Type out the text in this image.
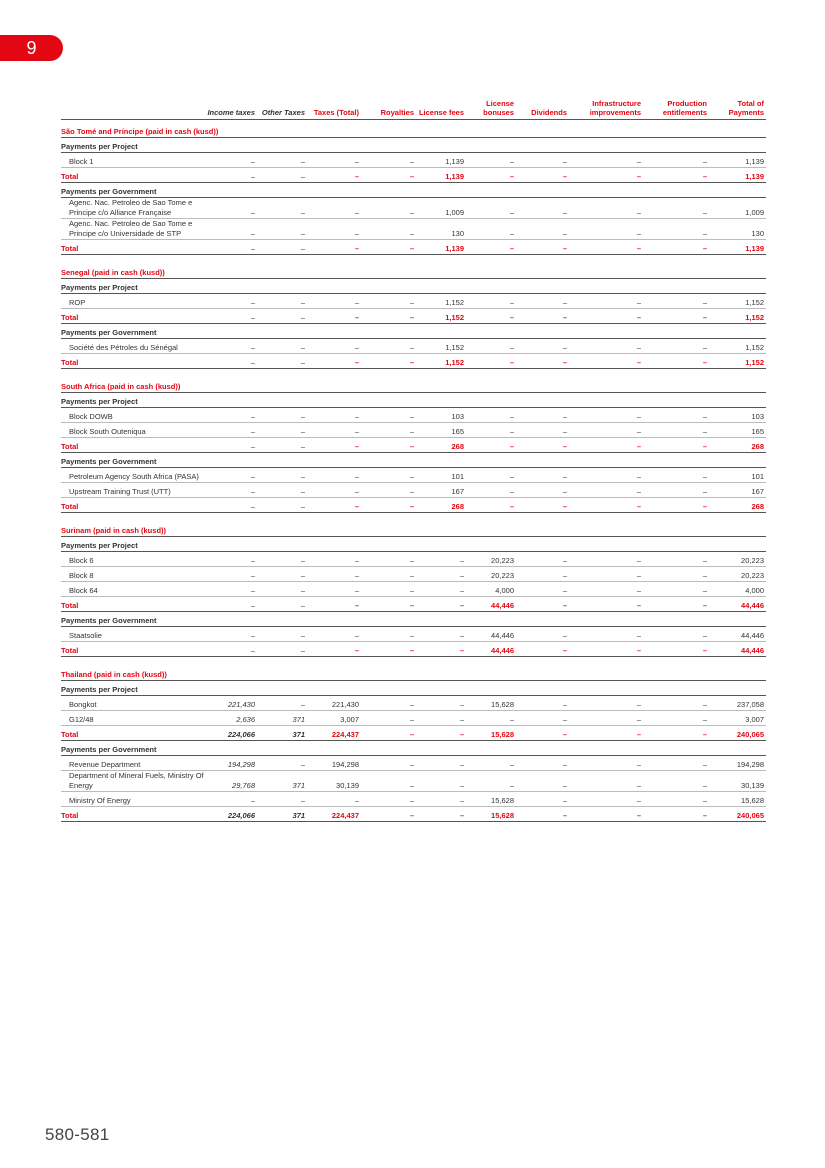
9
	Income taxes	Other Taxes	Taxes (Total)	Royalties	License fees	License bonuses	Dividends	Infrastructure improvements	Production entitlements	Total of Payments
São Tomé and Príncipe (paid in cash (kusd))										
Payments per Project										
Block 1	–	–	–	–	1,139	–	–	–	–	1,139
Total	–	–	–	–	1,139	–	–	–	–	1,139
Payments per Government										
Agenc. Nac. Petroleo de Sao Tome e Principe c/o Alliance Française	–	–	–	–	1,009	–	–	–	–	1,009
Agenc. Nac. Petroleo de Sao Tome e Principe c/o Universidade de STP	–	–	–	–	130	–	–	–	–	130
Total	–	–	–	–	1,139	–	–	–	–	1,139

Senegal (paid in cash (kusd))										
Payments per Project										
ROP	–	–	–	–	1,152	–	–	–	–	1,152
Total	–	–	–	–	1,152	–	–	–	–	1,152
Payments per Government										
Société des Pétroles du Sénégal	–	–	–	–	1,152	–	–	–	–	1,152
Total	–	–	–	–	1,152	–	–	–	–	1,152

South Africa (paid in cash (kusd))										
Payments per Project										
Block DOWB	–	–	–	–	103	–	–	–	–	103
Block South Outeniqua	–	–	–	–	165	–	–	–	–	165
Total	–	–	–	–	268	–	–	–	–	268
Payments per Government										
Petroleum Agency South Africa (PASA)	–	–	–	–	101	–	–	–	–	101
Upstream Training Trust (UTT)	–	–	–	–	167	–	–	–	–	167
Total	–	–	–	–	268	–	–	–	–	268

Surinam (paid in cash (kusd))										
Payments per Project										
Block 6	–	–	–	–	–	20,223	–	–	–	20,223
Block 8	–	–	–	–	–	20,223	–	–	–	20,223
Block 64	–	–	–	–	–	4,000	–	–	–	4,000
Total	–	–	–	–	–	44,446	–	–	–	44,446
Payments per Government										
Staatsolie	–	–	–	–	–	44,446	–	–	–	44,446
Total	–	–	–	–	–	44,446	–	–	–	44,446

Thailand (paid in cash (kusd))										
Payments per Project										
Bongkot	221,430	–	221,430	–	–	15,628	–	–	–	237,058
G12/48	2,636	371	3,007	–	–	–	–	–	–	3,007
Total	224,066	371	224,437	–	–	15,628	–	–	–	240,065
Payments per Government										
Revenue Department	194,298	–	194,298	–	–	–	–	–	–	194,298
Department of Mineral Fuels, Ministry Of Energy	29,768	371	30,139	–	–	–	–	–	–	30,139
Ministry Of Energy	–	–	–	–	–	15,628	–	–	–	15,628
Total	224,066	371	224,437	–	–	15,628	–	–	–	240,065
580-581
